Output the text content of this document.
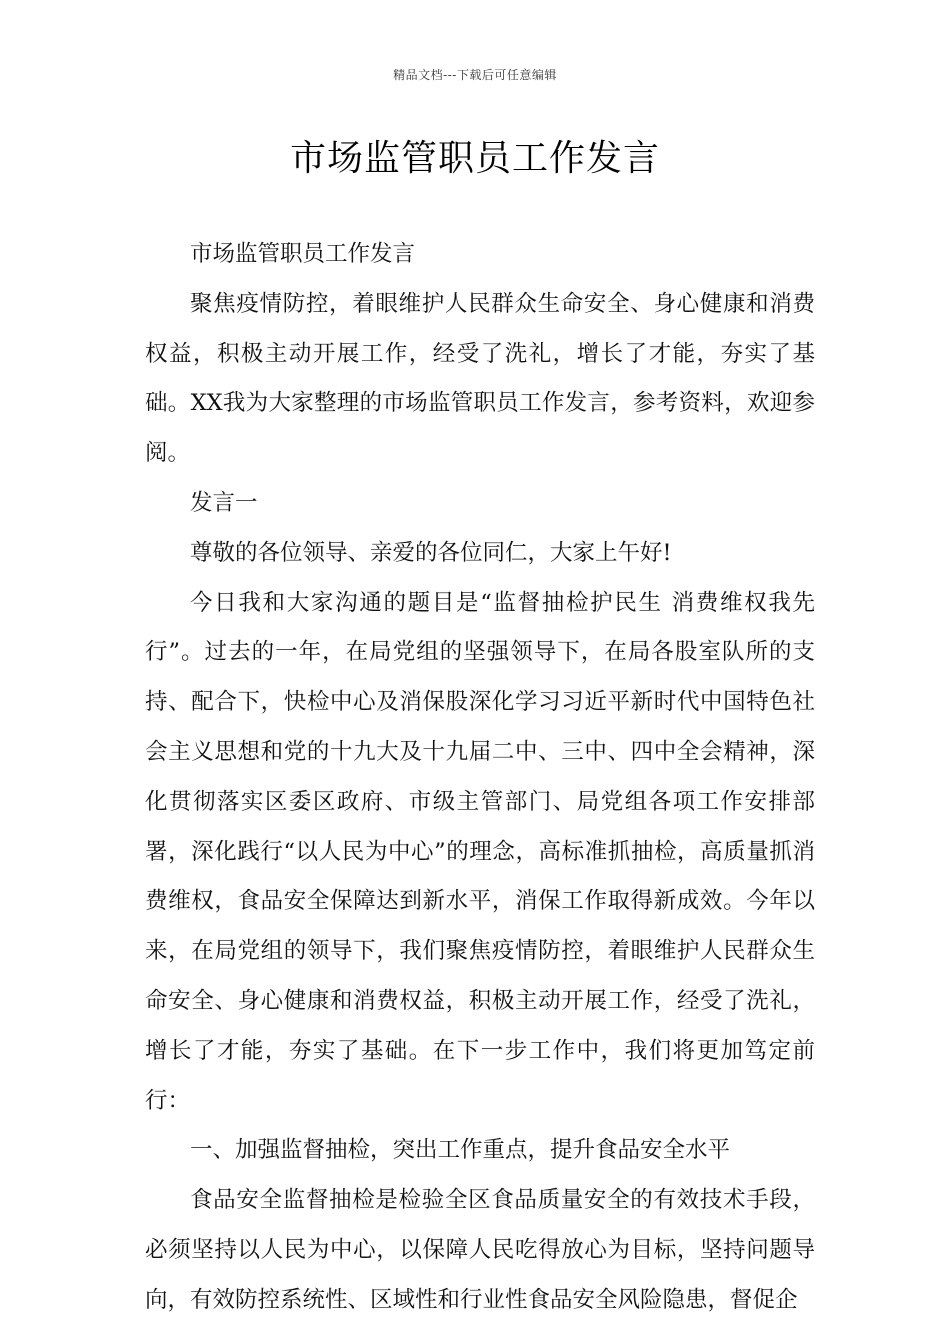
精品文档---下载后可任意编辑
市场监管职员工作发言

市场监管职员工作发言

聚焦疫情防控，着眼维护人民群众生命安全、身心健康和消费权益，积极主动开展工作，经受了洗礼，增长了才能，夯实了基础。XX我为大家整理的市场监管职员工作发言，参考资料，欢迎参阅。

发言一

尊敬的各位领导、亲爱的各位同仁，大家上午好!

今日我和大家沟通的题目是“监督抽检护民生 消费维权我先行”。过去的一年，在局党组的坚强领导下，在局各股室队所的支持、配合下，快检中心及消保股深化学习习近平新时代中国特色社会主义思想和党的十九大及十九届二中、三中、四中全会精神，深化贯彻落实区委区政府、市级主管部门、局党组各项工作安排部署，深化践行“以人民为中心”的理念，高标准抓抽检，高质量抓消费维权，食品安全保障达到新水平，消保工作取得新成效。今年以来，在局党组的领导下，我们聚焦疫情防控，着眼维护人民群众生命安全、身心健康和消费权益，积极主动开展工作，经受了洗礼，增长了才能，夯实了基础。在下一步工作中，我们将更加笃定前行：

一、加强监督抽检，突出工作重点，提升食品安全水平

食品安全监督抽检是检验全区食品质量安全的有效技术手段，必须坚持以人民为中心，以保障人民吃得放心为目标，坚持问题导向，有效防控系统性、区域性和行业性食品安全风险隐患，督促企
